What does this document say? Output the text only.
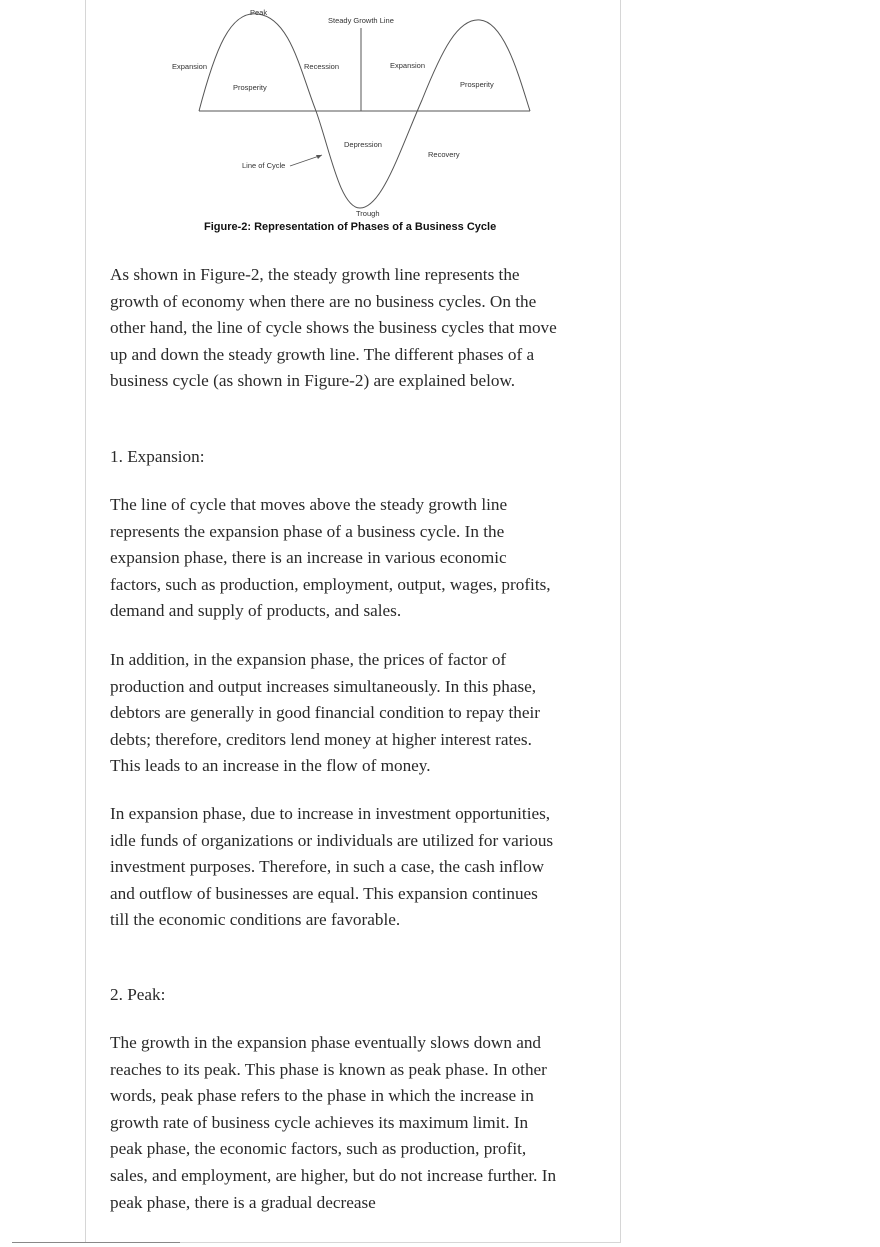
Peak
Steady Growth Line
Expansion
Prosperity
Recession	Expansion
Prosperity
Depression
Recovery
Line of Cycle
Trough
Figure-2: Representation of Phases of a Business Cycle

As shown in Figure-2, the steady growth line represents the growth of economy when there are no business cycles. On the other hand, the line of cycle shows the business cycles that move up and down the steady growth line. The different phases of a business cycle (as shown in Figure-2) are explained below.

1. Expansion:

The line of cycle that moves above the steady growth line represents the expansion phase of a business cycle. In the expansion phase, there is an increase in various economic factors, such as production, employment, output, wages, profits, demand and supply of products, and sales.

In addition, in the expansion phase, the prices of factor of production and output increases simultaneously. In this phase, debtors are generally in good financial condition to repay their debts; therefore, creditors lend money at higher interest rates. This leads to an increase in the flow of money.

In expansion phase, due to increase in investment opportunities, idle funds of organizations or individuals are utilized for various investment purposes. Therefore, in such a case, the cash inflow and outflow of businesses are equal. This expansion continues till the economic conditions are favorable.

2. Peak:

The growth in the expansion phase eventually slows down and reaches to its peak. This phase is known as peak phase. In other words, peak phase refers to the phase in which the increase in growth rate of business cycle achieves its maximum limit. In peak phase, the economic factors, such as production, profit, sales, and employment, are higher, but do not increase further. In peak phase, there is a gradual decrease
